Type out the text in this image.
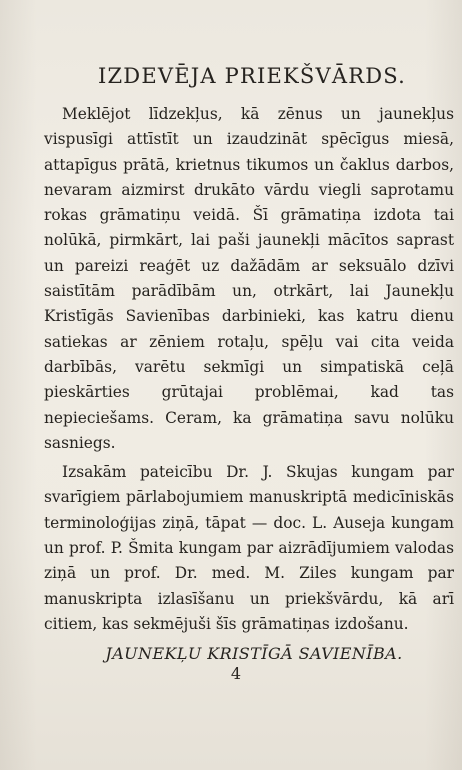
IZDEVĒJA PRIEKŠVĀRDS.

Meklējot līdzekļus, kā zēnus un jaunekļus vispusīgi attīstīt un izaudzināt spēcīgus miesā, attapīgus prātā, krietnus tikumos un čaklus darbos, nevaram aizmirst drukāto vārdu viegli saprotamu rokas grāmatiņu veidā. Šī grāmatiņa izdota tai nolūkā, pirmkārt, lai paši jaunekļi mācītos saprast un pareizi reaģēt uz dažādām ar seksuālo dzīvi saistītām parādībām un, otrkārt, lai Jaunekļu Kristīgās Savienības darbinieki, kas katru dienu satiekas ar zēniem rotaļu, spēļu vai cita veida darbībās, varētu sekmīgi un simpatiskā ceļā pieskārties grūtajai problēmai, kad tas nepieciešams. Ceram, ka grāmatiņa savu nolūku sasniegs.

Izsakām pateicību Dr. J. Skujas kungam par svarīgiem pārlabojumiem manuskriptā medicīniskās terminoloģijas ziņā, tāpat — doc. L. Auseja kungam un prof. P. Šmita kungam par aizrādījumiem valodas ziņā un prof. Dr. med. M. Ziles kungam par manuskripta izlasīšanu un priekšvārdu, kā arī citiem, kas sekmējuši šīs grāmatiņas izdošanu.

JAUNEKĻU KRISTĪGĀ SAVIENĪBA.

4
